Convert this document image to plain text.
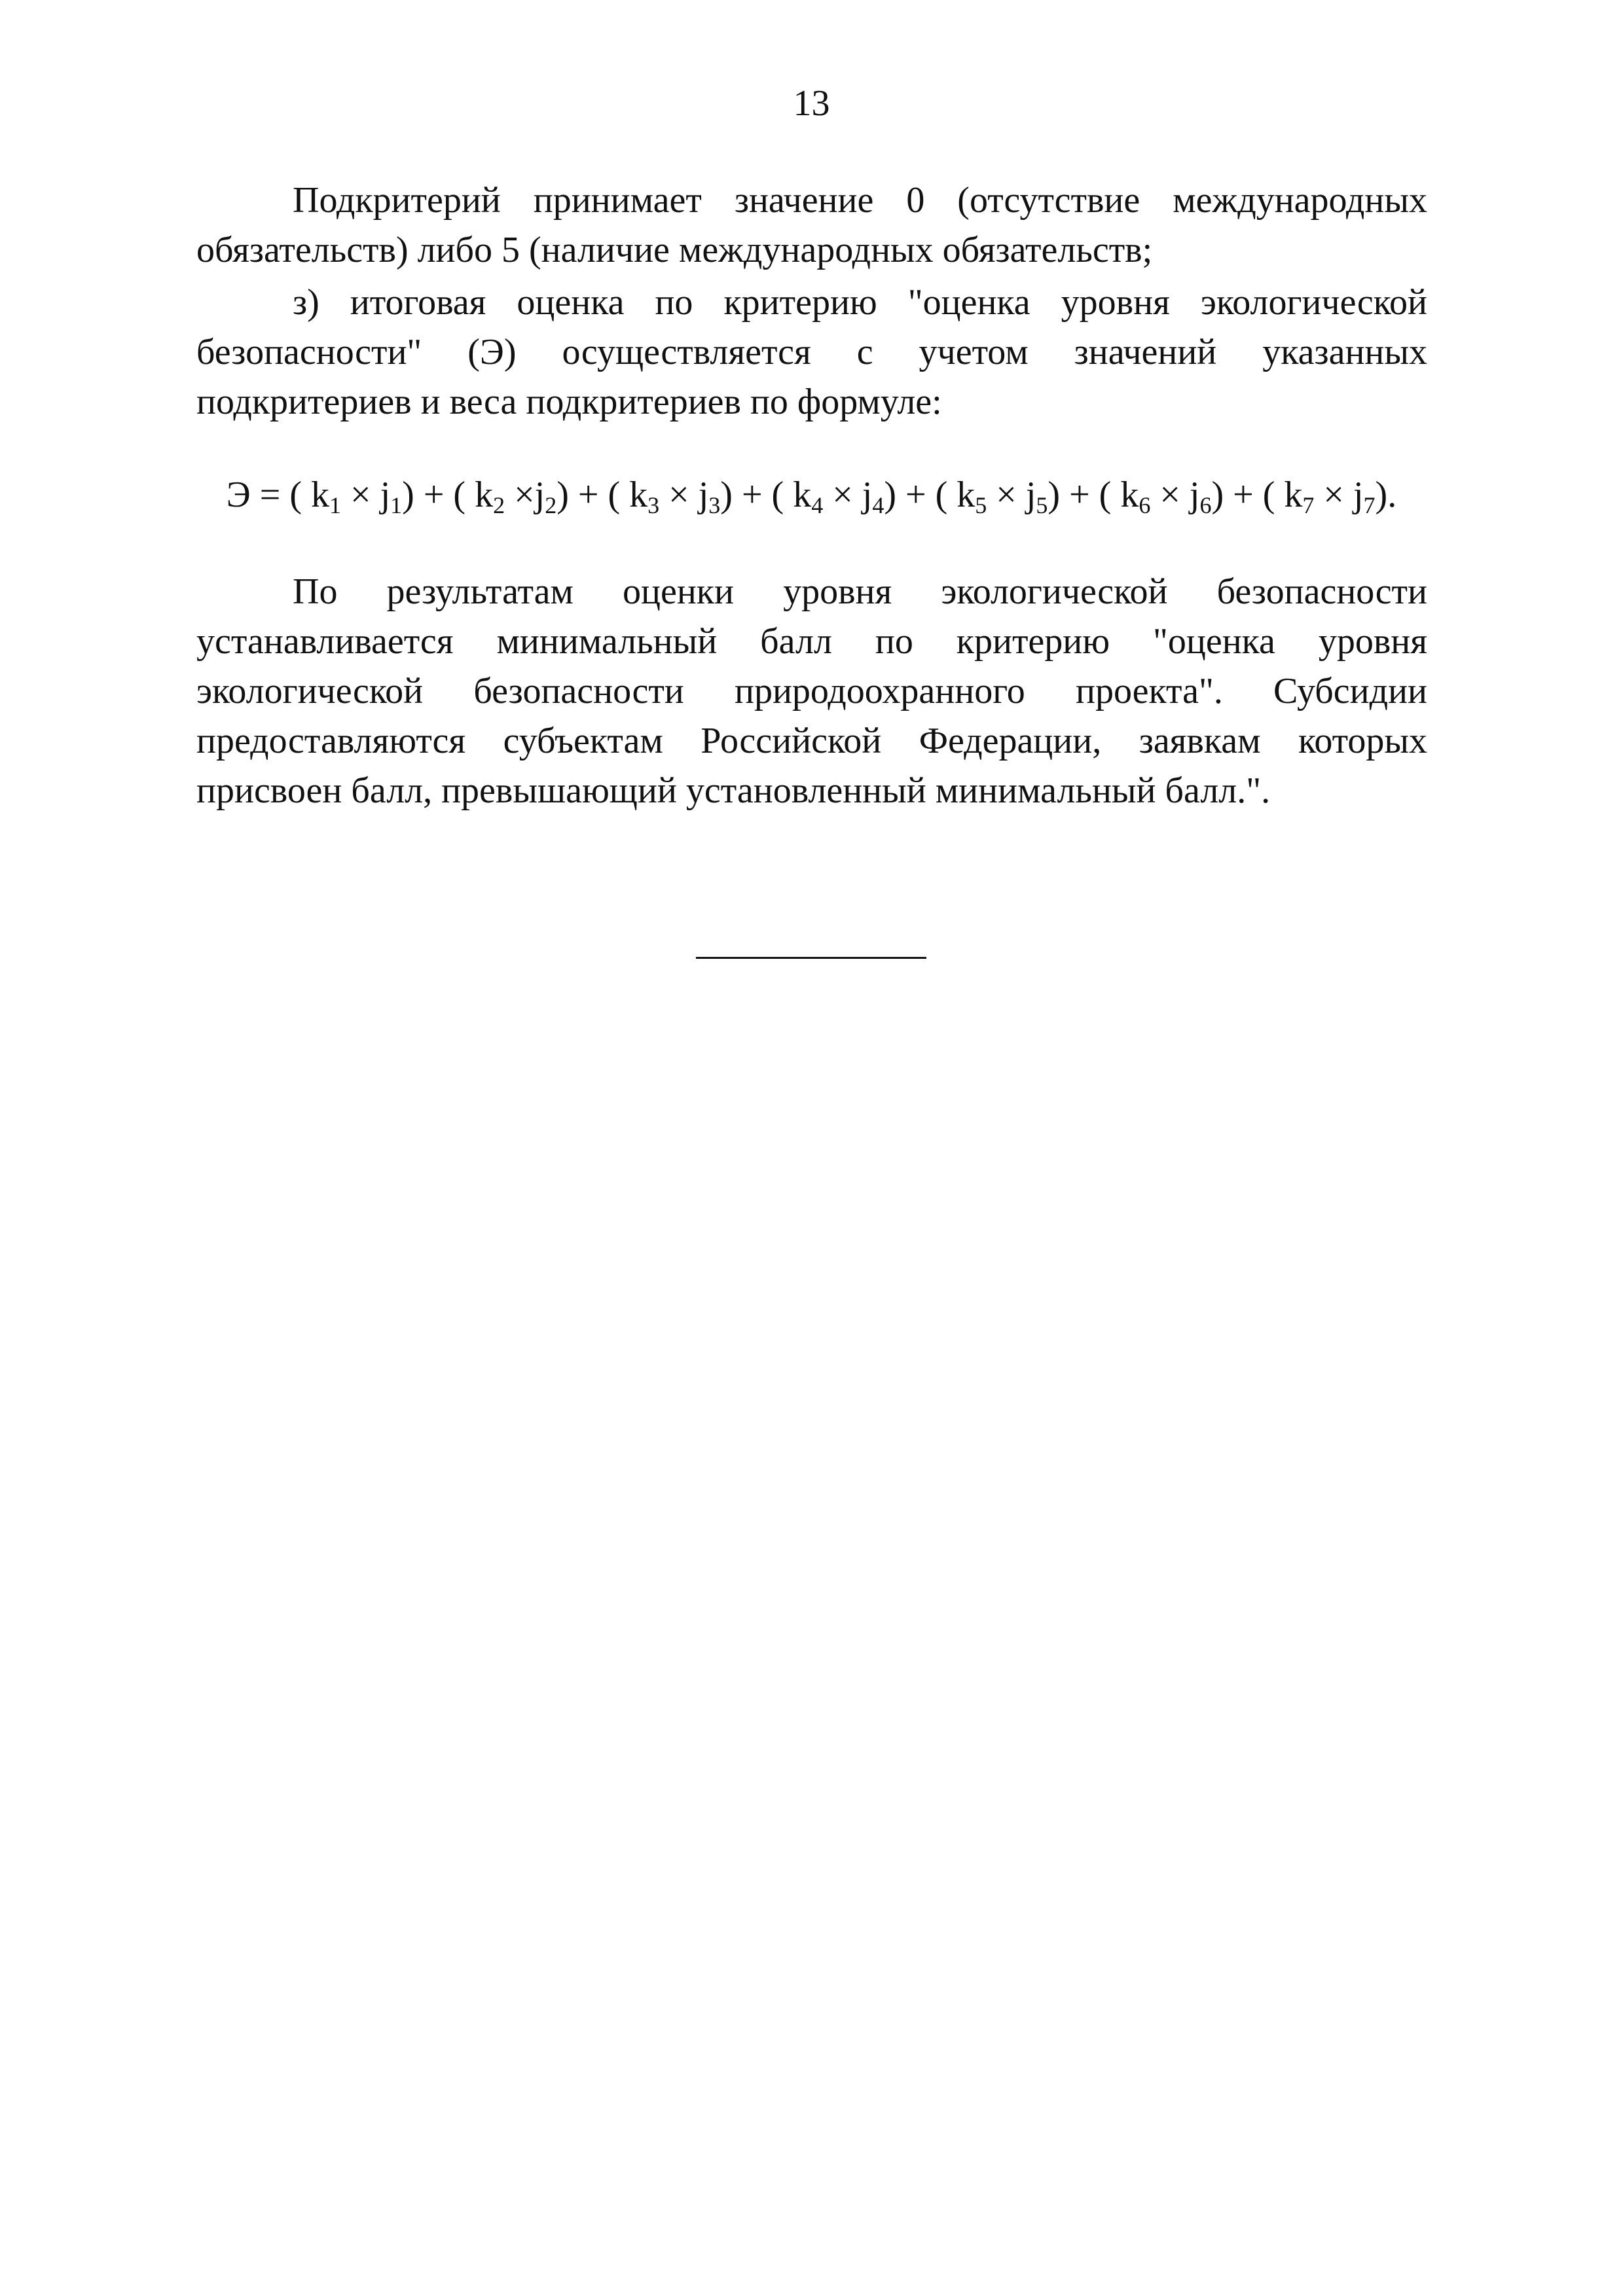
13

Подкритерий принимает значение 0 (отсутствие международных обязательств) либо 5 (наличие международных обязательств;

з) итоговая оценка по критерию "оценка уровня экологической безопасности" (Э) осуществляется с учетом значений указанных подкритериев и веса подкритериев по формуле:

Э = ( $k_1 \times j_1$) + ( $k_2 \times j_2$) + ( $k_3 \times j_3$) + ( $k_4 \times j_4$) + ( $k_5 \times j_5$) + ( $k_6 \times j_6$) + ( $k_7 \times j_7$).

По результатам оценки уровня экологической безопасности устанавливается минимальный балл по критерию "оценка уровня экологической безопасности природоохранного проекта". Субсидии предоставляются субъектам Российской Федерации, заявкам которых присвоен балл, превышающий установленный минимальный балл.".
